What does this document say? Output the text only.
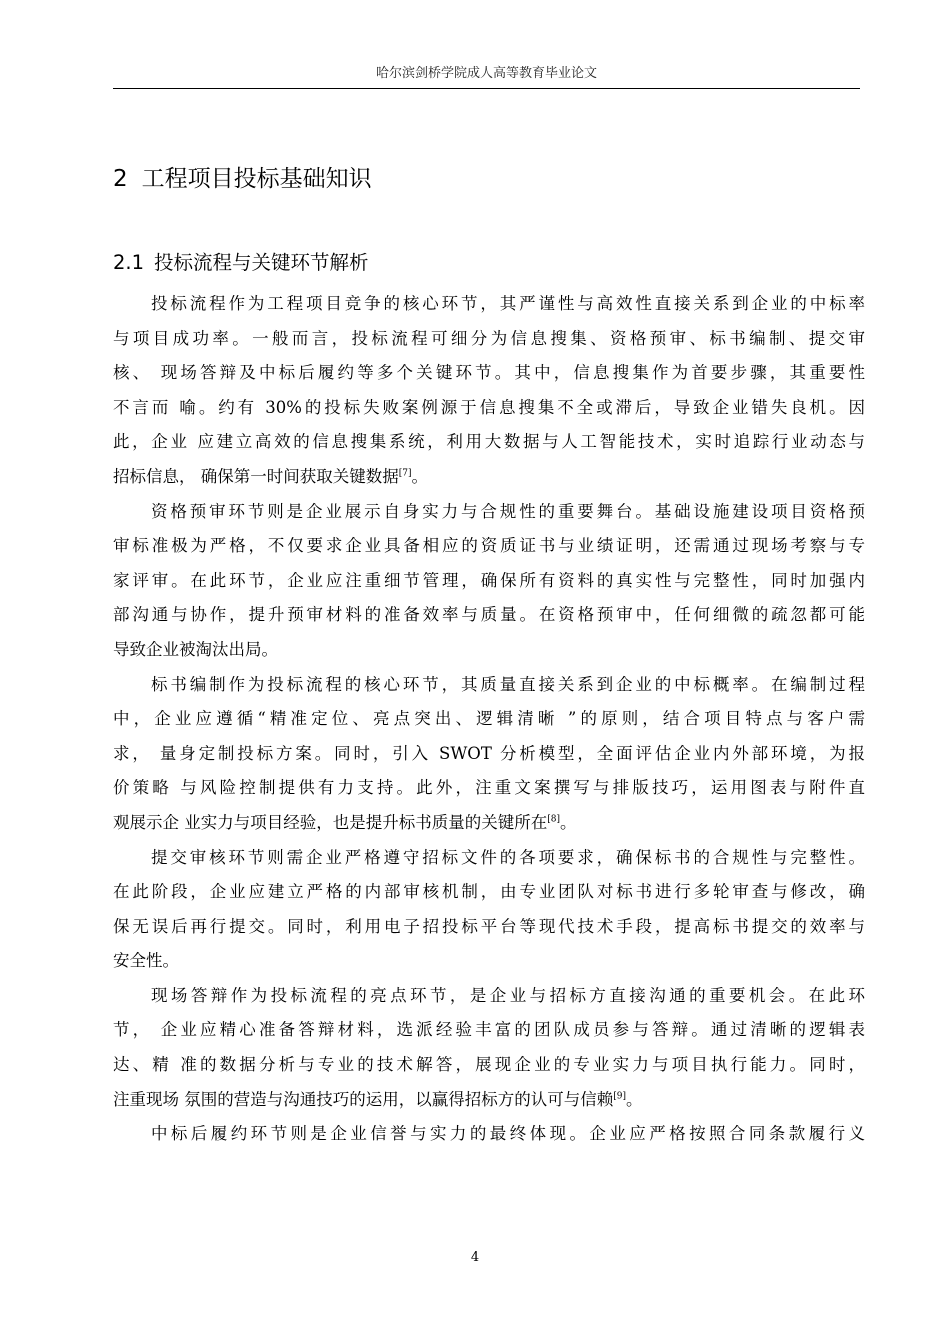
哈尔滨剑桥学院成人高等教育毕业论文
2 工程项目投标基础知识
2.1 投标流程与关键环节解析
投标流程作为工程项目竞争的核心环节，其严谨性与高效性直接关系到企业的中标率
与项目成功率。一般而言，投标流程可细分为信息搜集、资格预审、标书编制、提交审
核、 现场答辩及中标后履约等多个关键环节。其中，信息搜集作为首要步骤，其重要性
不言而 喻。约有 30%的投标失败案例源于信息搜集不全或滞后，导致企业错失良机。因
此，企业 应建立高效的信息搜集系统，利用大数据与人工智能技术，实时追踪行业动态与
招标信息， 确保第一时间获取关键数据[7]。
资格预审环节则是企业展示自身实力与合规性的重要舞台。基础设施建设项目资格预
审标准极为严格，不仅要求企业具备相应的资质证书与业绩证明，还需通过现场考察与专
家评审。在此环节，企业应注重细节管理，确保所有资料的真实性与完整性，同时加强内
部沟通与协作，提升预审材料的准备效率与质量。在资格预审中，任何细微的疏忽都可能
导致企业被淘汰出局。
标书编制作为投标流程的核心环节，其质量直接关系到企业的中标概率。在编制过程
中，企业应遵循“精准定位、亮点突出、逻辑清晰 ”的原则，结合项目特点与客户需
求， 量身定制投标方案。同时，引入 SWOT 分析模型，全面评估企业内外部环境，为报
价策略 与风险控制提供有力支持。此外，注重文案撰写与排版技巧，运用图表与附件直
观展示企 业实力与项目经验，也是提升标书质量的关键所在[8]。
提交审核环节则需企业严格遵守招标文件的各项要求，确保标书的合规性与完整性。
在此阶段，企业应建立严格的内部审核机制，由专业团队对标书进行多轮审查与修改，确
保无误后再行提交。同时，利用电子招投标平台等现代技术手段，提高标书提交的效率与
安全性。
现场答辩作为投标流程的亮点环节，是企业与招标方直接沟通的重要机会。在此环
节， 企业应精心准备答辩材料，选派经验丰富的团队成员参与答辩。通过清晰的逻辑表
达、精 准的数据分析与专业的技术解答，展现企业的专业实力与项目执行能力。同时，
注重现场 氛围的营造与沟通技巧的运用，以赢得招标方的认可与信赖[9]。
中标后履约环节则是企业信誉与实力的最终体现。企业应严格按照合同条款履行义
4
